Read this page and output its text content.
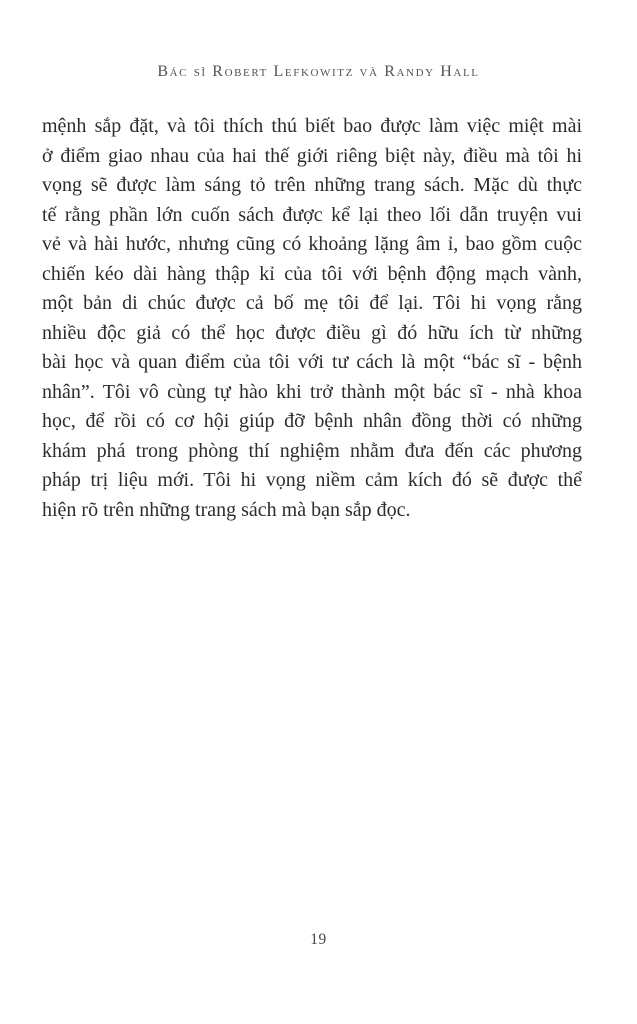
Bác sĩ Robert Lefkowitz và Randy Hall
mệnh sắp đặt, và tôi thích thú biết bao được làm việc miệt mài
ở điểm giao nhau của hai thế giới riêng biệt này, điều mà tôi hi
vọng sẽ được làm sáng tỏ trên những trang sách. Mặc dù thực
tế rằng phần lớn cuốn sách được kể lại theo lối dẫn truyện vui
vẻ và hài hước, nhưng cũng có khoảng lặng âm ỉ, bao gồm cuộc
chiến kéo dài hàng thập kỉ của tôi với bệnh động mạch vành,
một bản di chúc được cả bố mẹ tôi để lại. Tôi hi vọng rằng
nhiều độc giả có thể học được điều gì đó hữu ích từ những
bài học và quan điểm của tôi với tư cách là một “bác sĩ - bệnh
nhân”. Tôi vô cùng tự hào khi trở thành một bác sĩ - nhà khoa
học, để rồi có cơ hội giúp đỡ bệnh nhân đồng thời có những
khám phá trong phòng thí nghiệm nhằm đưa đến các phương
pháp trị liệu mới. Tôi hi vọng niềm cảm kích đó sẽ được thể
hiện rõ trên những trang sách mà bạn sắp đọc.
19
